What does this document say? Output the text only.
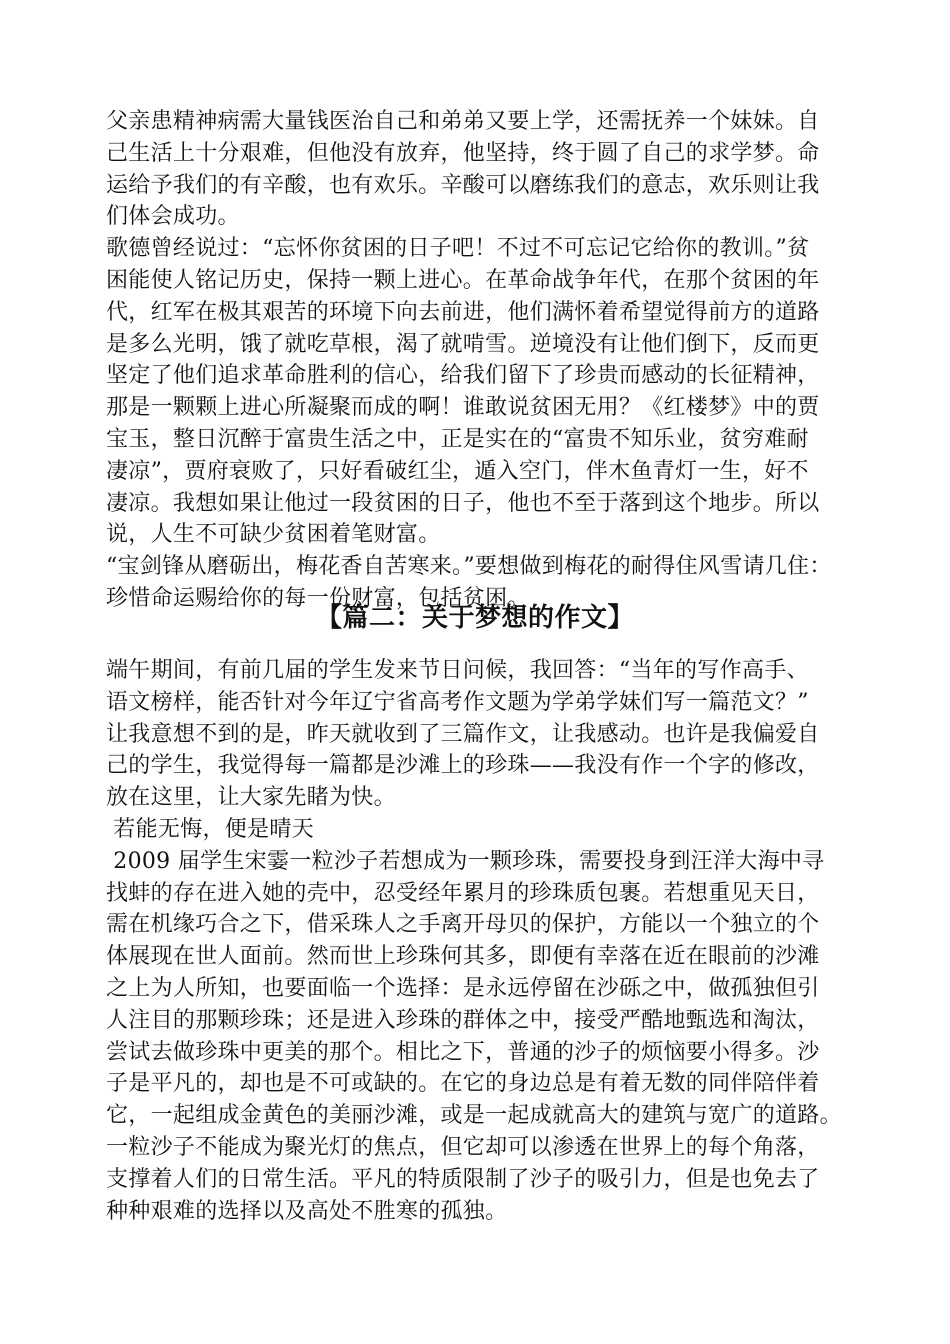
父亲患精神病需大量钱医治自己和弟弟又要上学，还需抚养一个妹妹。自
己生活上十分艰难，但他没有放弃，他坚持，终于圆了自己的求学梦。命
运给予我们的有辛酸，也有欢乐。辛酸可以磨练我们的意志，欢乐则让我
们体会成功。
歌德曾经说过：“忘怀你贫困的日子吧！不过不可忘记它给你的教训。”贫
困能使人铭记历史，保持一颗上进心。在革命战争年代，在那个贫困的年
代，红军在极其艰苦的环境下向去前进，他们满怀着希望觉得前方的道路
是多么光明，饿了就吃草根，渴了就啃雪。逆境没有让他们倒下，反而更
坚定了他们追求革命胜利的信心，给我们留下了珍贵而感动的长征精神，
那是一颗颗上进心所凝聚而成的啊！谁敢说贫困无用？《红楼梦》中的贾
宝玉，整日沉醉于富贵生活之中，正是实在的“富贵不知乐业，贫穷难耐
凄凉”，贾府衰败了，只好看破红尘，遁入空门，伴木鱼青灯一生，好不
凄凉。我想如果让他过一段贫困的日子，他也不至于落到这个地步。所以
说，人生不可缺少贫困着笔财富。
“宝剑锋从磨砺出，梅花香自苦寒来。”要想做到梅花的耐得住风雪请几住：
珍惜命运赐给你的每一份财富，包括贫困。
【篇二：关于梦想的作文】
端午期间，有前几届的学生发来节日问候，我回答：“当年的写作高手、
语文榜样，能否针对今年辽宁省高考作文题为学弟学妹们写一篇范文？”
让我意想不到的是，昨天就收到了三篇作文，让我感动。也许是我偏爱自
己的学生，我觉得每一篇都是沙滩上的珍珠——我没有作一个字的修改，
放在这里，让大家先睹为快。
若能无悔，便是晴天
2009 届学生宋霎一粒沙子若想成为一颗珍珠，需要投身到汪洋大海中寻
找蚌的存在进入她的壳中，忍受经年累月的珍珠质包裹。若想重见天日，
需在机缘巧合之下，借采珠人之手离开母贝的保护，方能以一个独立的个
体展现在世人面前。然而世上珍珠何其多，即便有幸落在近在眼前的沙滩
之上为人所知，也要面临一个选择：是永远停留在沙砾之中，做孤独但引
人注目的那颗珍珠；还是进入珍珠的群体之中，接受严酷地甄选和淘汰，
尝试去做珍珠中更美的那个。相比之下，普通的沙子的烦恼要小得多。沙
子是平凡的，却也是不可或缺的。在它的身边总是有着无数的同伴陪伴着
它，一起组成金黄色的美丽沙滩，或是一起成就高大的建筑与宽广的道路。
一粒沙子不能成为聚光灯的焦点，但它却可以渗透在世界上的每个角落，
支撑着人们的日常生活。平凡的特质限制了沙子的吸引力，但是也免去了
种种艰难的选择以及高处不胜寒的孤独。
